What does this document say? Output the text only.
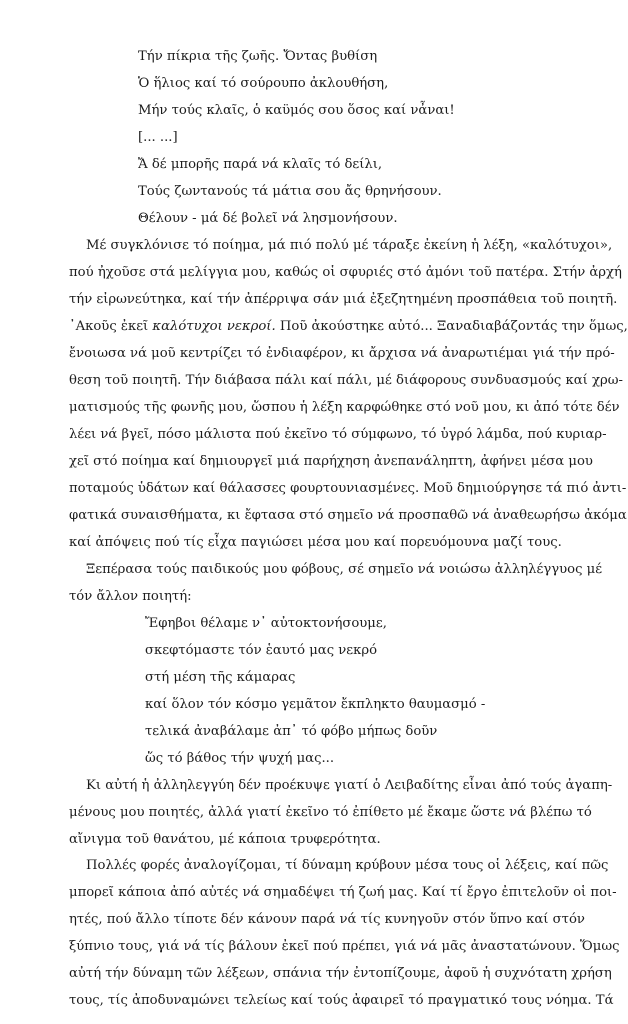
Τήν πίκρια τῆς ζωῆς. Ὄντας βυθίση
Ὁ ἥλιος καί τό σούρουπο ἀκλουθήση,
Μήν τούς κλαῖς, ὁ καϋμός σου ὅσος καί νἆναι!
[... ...]
Ἄ δέ μπορῆς παρά νά κλαῖς τό δείλι,
Τούς ζωντανούς τά μάτια σου ἄς θρηνήσουν.
Θέλουν - μά δέ βολεῖ νά λησμονήσουν.
Μέ συγκλόνισε τό ποίημα, μά πιό πολύ μέ τάραξε ἐκείνη ἡ λέξη, «καλότυχοι»,
πού ἠχοῦσε στά μελίγγια μου, καθώς οἱ σφυριές στό ἀμόνι τοῦ πατέρα. Στήν ἀρχή
τήν εἰρωνεύτηκα, καί τήν ἀπέρριψα σάν μιά ἐξεζητημένη προσπάθεια τοῦ ποιητῆ.
᾿Ακοῦς ἐκεῖ καλότυχοι νεκροί. Ποῦ ἀκούστηκε αὐτό... Ξαναδιαβάζοντάς την ὅμως,
ἔνοιωσα νά μοῦ κεντρίζει τό ἐνδιαφέρον, κι ἄρχισα νά ἀναρωτιέμαι γιά τήν πρό-
θεση τοῦ ποιητῆ. Τήν διάβασα πάλι καί πάλι, μέ διάφορους συνδυασμούς καί χρω-
ματισμούς τῆς φωνῆς μου, ὥσπου ἡ λέξη καρφώθηκε στό νοῦ μου, κι ἀπό τότε δέν
λέει νά βγεῖ, πόσο μάλιστα πού ἐκεῖνο τό σύμφωνο, τό ὑγρό λάμδα, πού κυριαρ-
χεῖ στό ποίημα καί δημιουργεῖ μιά παρήχηση ἀνεπανάληπτη, ἀφήνει μέσα μου
ποταμούς ὑδάτων καί θάλασσες φουρτουνιασμένες. Μοῦ δημιούργησε τά πιό ἀντι-
φατικά συναισθήματα, κι ἔφτασα στό σημεῖο νά προσπαθῶ νά ἀναθεωρήσω ἀκόμα
καί ἀπόψεις πού τίς εἶχα παγιώσει μέσα μου καί πορευόμουνα μαζί τους.
Ξεπέρασα τούς παιδικούς μου φόβους, σέ σημεῖο νά νοιώσω ἀλληλέγγυος μέ
τόν ἄλλον ποιητή:
Ἔφηβοι θέλαμε ν᾿ αὐτοκτονήσουμε,
σκεφτόμαστε τόν ἑαυτό μας νεκρό
στή μέση τῆς κάμαρας
καί ὅλον τόν κόσμο γεμᾶτον ἔκπληκτο θαυμασμό -
τελικά ἀναβάλαμε ἀπ᾿ τό φόβο μήπως δοῦν
ὥς τό βάθος τήν ψυχή μας...
Κι αὐτή ἡ ἀλληλεγγύη δέν προέκυψε γιατί ὁ Λειβαδίτης εἶναι ἀπό τούς ἀγαπη-
μένους μου ποιητές, ἀλλά γιατί ἐκεῖνο τό ἐπίθετο μέ ἔκαμε ὥστε νά βλέπω τό
αἴνιγμα τοῦ θανάτου, μέ κάποια τρυφερότητα.
Πολλές φορές ἀναλογίζομαι, τί δύναμη κρύβουν μέσα τους οἱ λέξεις, καί πῶς
μπορεῖ κάποια ἀπό αὐτές νά σημαδέψει τή ζωή μας. Καί τί ἔργο ἐπιτελοῦν οἱ ποι-
ητές, πού ἄλλο τίποτε δέν κάνουν παρά νά τίς κυνηγοῦν στόν ὕπνο καί στόν
ξύπνιο τους, γιά νά τίς βάλουν ἐκεῖ πού πρέπει, γιά νά μᾶς ἀναστατώνουν. Ὅμως
αὐτή τήν δύναμη τῶν λέξεων, σπάνια τήν ἐντοπίζουμε, ἀφοῦ ἡ συχνότατη χρήση
τους, τίς ἀποδυναμώνει τελείως καί τούς ἀφαιρεῖ τό πραγματικό τους νόημα. Τά
